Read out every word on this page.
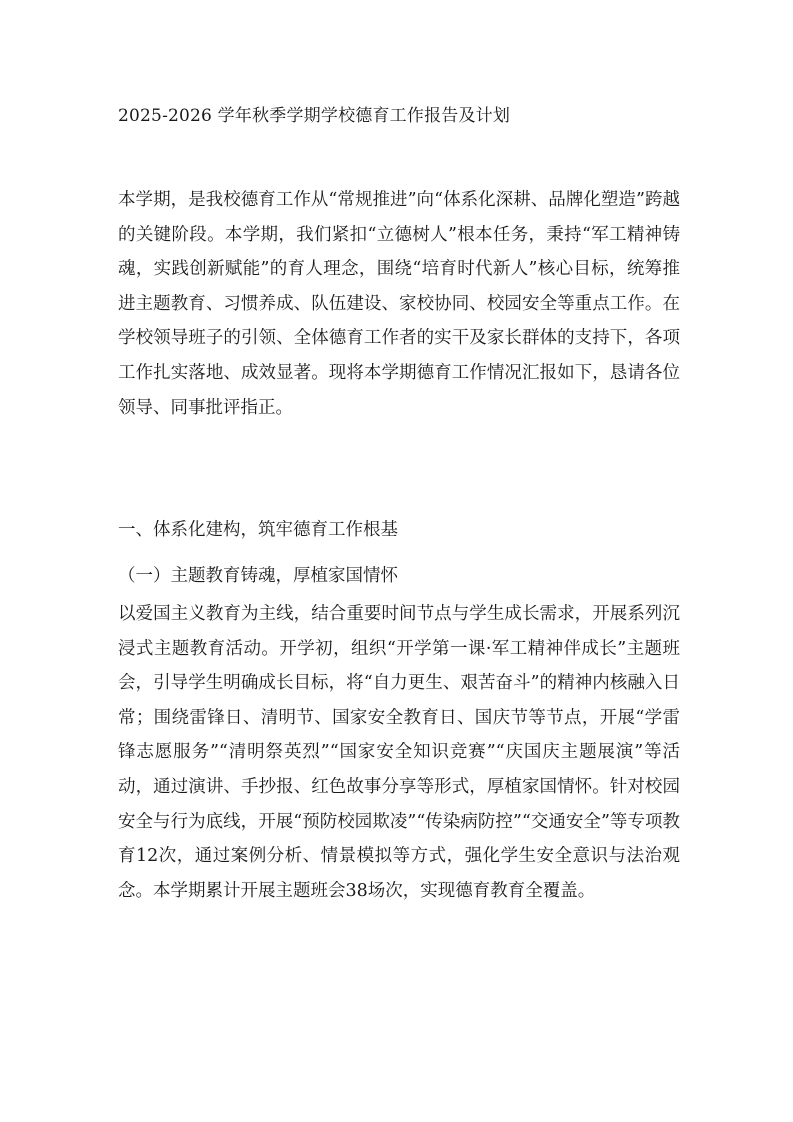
2025-2026 学年秋季学期学校德育工作报告及计划
本学期，是我校德育工作从“常规推进”向“体系化深耕、品牌化塑造”跨越的关键阶段。本学期，我们紧扣“立德树人”根本任务，秉持“军工精神铸魂，实践创新赋能”的育人理念，围绕“培育时代新人”核心目标，统筹推进主题教育、习惯养成、队伍建设、家校协同、校园安全等重点工作。在学校领导班子的引领、全体德育工作者的实干及家长群体的支持下，各项工作扎实落地、成效显著。现将本学期德育工作情况汇报如下，恳请各位领导、同事批评指正。
一、体系化建构，筑牢德育工作根基
（一）主题教育铸魂，厚植家国情怀
以爱国主义教育为主线，结合重要时间节点与学生成长需求，开展系列沉浸式主题教育活动。开学初，组织“开学第一课·军工精神伴成长”主题班会，引导学生明确成长目标，将“自力更生、艰苦奋斗”的精神内核融入日常；围绕雷锋日、清明节、国家安全教育日、国庆节等节点，开展“学雷锋志愿服务”“清明祭英烈”“国家安全知识竞赛”“庆国庆主题展演”等活动，通过演讲、手抄报、红色故事分享等形式，厚植家国情怀。针对校园安全与行为底线，开展“预防校园欺凌”“传染病防控”“交通安全”等专项教育12次，通过案例分析、情景模拟等方式，强化学生安全意识与法治观念。本学期累计开展主题班会38场次，实现德育教育全覆盖。
